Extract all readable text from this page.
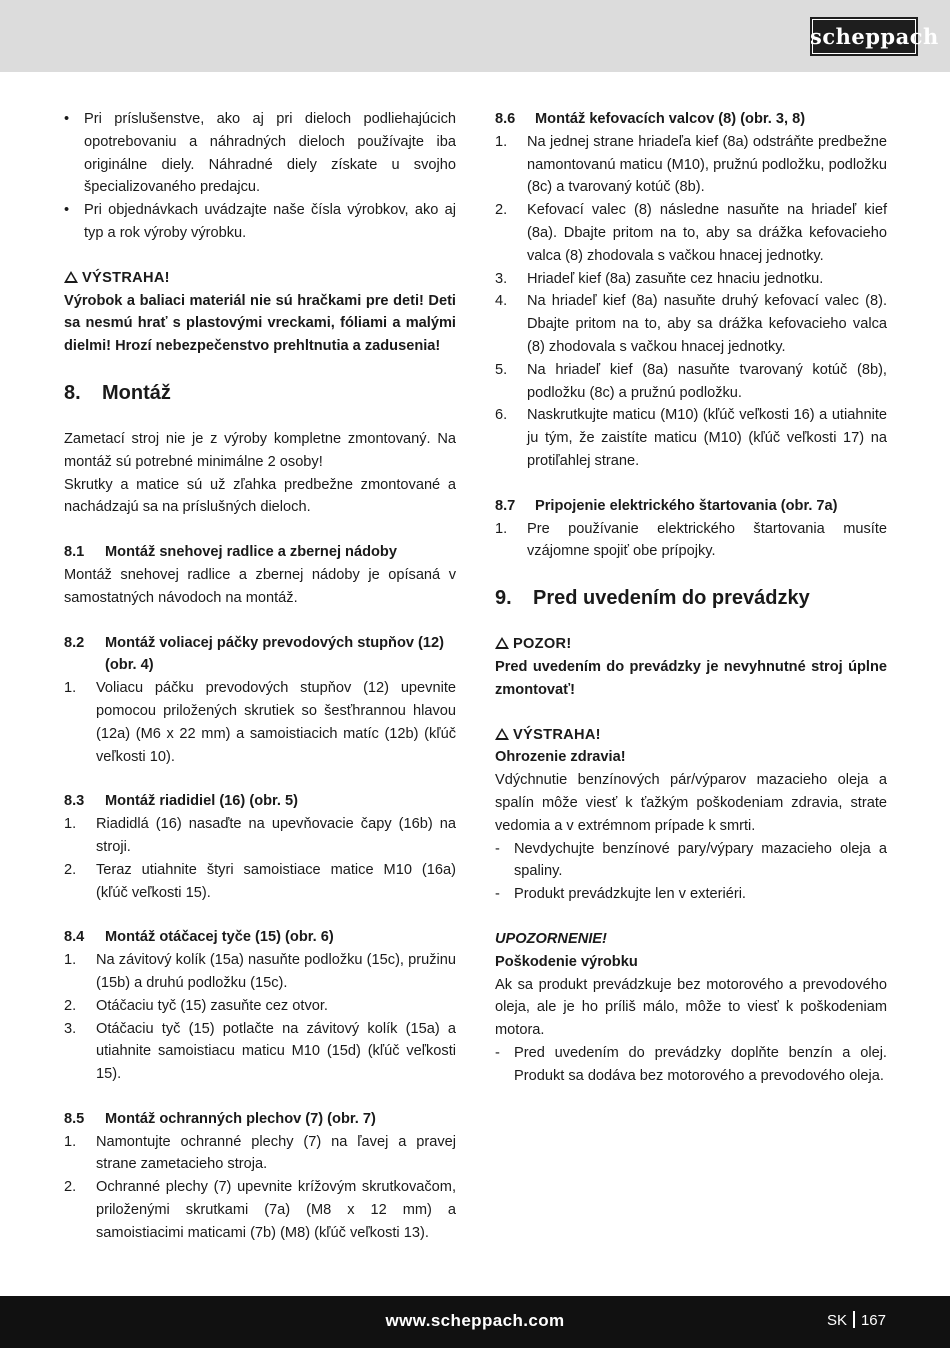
scheppach
• Pri príslušenstve, ako aj pri dieloch podliehajúcich opotrebovaniu a náhradných dieloch používajte iba originálne diely. Náhradné diely získate u svojho špecializovaného predajcu.
• Pri objednávkach uvádzajte naše čísla výrobkov, ako aj typ a rok výroby výrobku.

VÝSTRAHA!

Výrobok a baliaci materiál nie sú hračkami pre deti! Deti sa nesmú hrať s plastovými vreckami, fóliami a malými dielmi! Hrozí nebezpečenstvo prehltnutia a zadusenia!

8. Montáž

Zametací stroj nie je z výroby kompletne zmontovaný. Na montáž sú potrebné minimálne 2 osoby!

Skrutky a matice sú už zľahka predbežne zmontované a nachádzajú sa na príslušných dieloch.

8.1 Montáž snehovej radlice a zbernej nádoby

Montáž snehovej radlice a zbernej nádoby je opísaná v samostatných návodoch na montáž.

8.2 Montáž voliacej páčky prevodových stupňov (12) (obr. 4)
1. Voliacu páčku prevodových stupňov (12) upevnite pomocou priložených skrutiek so šesťhrannou hlavou (12a) (M6 x 22 mm) a samoistiacich matíc (12b) (kľúč veľkosti 10).
8.3 Montáž riadidiel (16) (obr. 5)
1. Riadidlá (16) nasaďte na upevňovacie čapy (16b) na stroji.
2. Teraz utiahnite štyri samoistiace matice M10 (16a) (kľúč veľkosti 15).
8.4 Montáž otáčacej tyče (15) (obr. 6)
1. Na závitový kolík (15a) nasuňte podložku (15c), pružinu (15b) a druhú podložku (15c).
2. Otáčaciu tyč (15) zasuňte cez otvor.
3. Otáčaciu tyč (15) potlačte na závitový kolík (15a) a utiahnite samoistiacu maticu M10 (15d) (kľúč veľkosti 15).
8.5 Montáž ochranných plechov (7) (obr. 7)
1. Namontujte ochranné plechy (7) na ľavej a pravej strane zametacieho stroja.
2. Ochranné plechy (7) upevnite krížovým skrutkovačom, priloženými skrutkami (7a) (M8 x 12 mm) a samoistiacimi maticami (7b) (M8) (kľúč veľkosti 13).
8.6 Montáž kefovacích valcov (8) (obr. 3, 8)
1. Na jednej strane hriadeľa kief (8a) odstráňte predbežne namontovanú maticu (M10), pružnú podložku, podložku (8c) a tvarovaný kotúč (8b).
2. Kefovací valec (8) následne nasuňte na hriadeľ kief (8a). Dbajte pritom na to, aby sa drážka kefovacieho valca (8) zhodovala s vačkou hnacej jednotky.
3. Hriadeľ kief (8a) zasuňte cez hnaciu jednotku.
4. Na hriadeľ kief (8a) nasuňte druhý kefovací valec (8). Dbajte pritom na to, aby sa drážka kefovacieho valca (8) zhodovala s vačkou hnacej jednotky.
5. Na hriadeľ kief (8a) nasuňte tvarovaný kotúč (8b), podložku (8c) a pružnú podložku.
6. Naskrutkujte maticu (M10) (kľúč veľkosti 16) a utiahnite ju tým, že zaistíte maticu (M10) (kľúč veľkosti 17) na protiľahlej strane.
8.7 Pripojenie elektrického štartovania (obr. 7a)
1. Pre používanie elektrického štartovania musíte vzájomne spojiť obe prípojky.
9. Pred uvedením do prevádzky

POZOR!

Pred uvedením do prevádzky je nevyhnutné stroj úplne zmontovať!

VÝSTRAHA!

Ohrozenie zdravia!

Vdýchnutie benzínových pár/výparov mazacieho oleja a spalín môže viesť k ťažkým poškodeniam zdravia, strate vedomia a v extrémnom prípade k smrti.

- Nevdychujte benzínové pary/výpary mazacieho oleja a spaliny.
- Produkt prevádzkujte len v exteriéri.

UPOZORNENIE!

Poškodenie výrobku

Ak sa produkt prevádzkuje bez motorového a prevodového oleja, ale je ho príliš málo, môže to viesť k poškodeniam motora.

- Pred uvedením do prevádzky doplňte benzín a olej. Produkt sa dodáva bez motorového a prevodového oleja.
www.scheppach.com	SK 167
